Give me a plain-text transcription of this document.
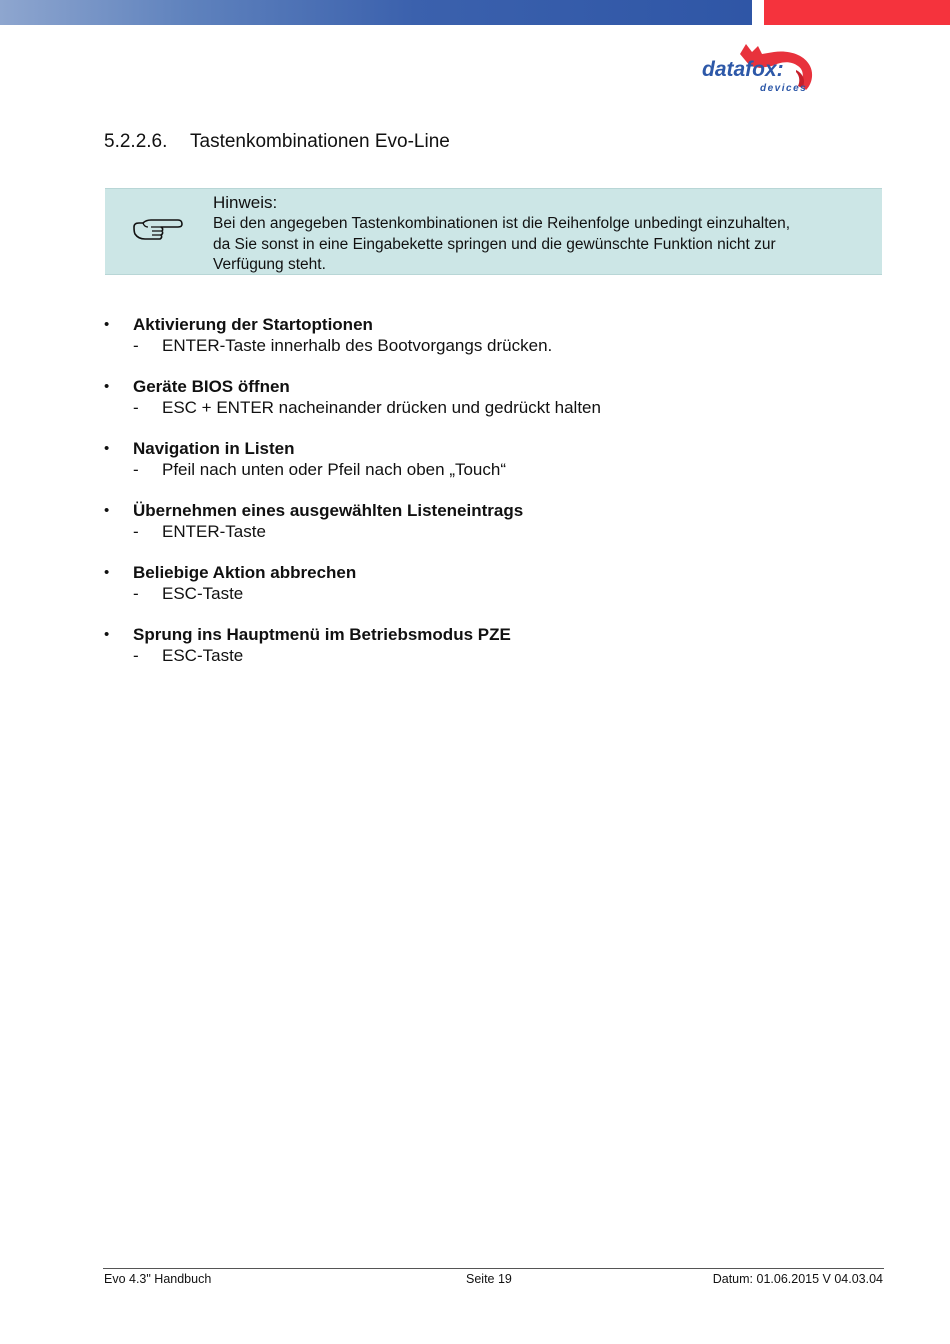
datafox:
devices
5.2.2.6. Tastenkombinationen Evo-Line
Hinweis:
Bei den angegeben Tastenkombinationen ist die Reihenfolge unbedingt einzuhalten,
da Sie sonst in eine Eingabekette springen und die gewünschte Funktion nicht zur
Verfügung steht.
• Aktivierung der Startoptionen
- ENTER-Taste innerhalb des Bootvorgangs drücken.
• Geräte BIOS öffnen
- ESC + ENTER nacheinander drücken und gedrückt halten
• Navigation in Listen
- Pfeil nach unten oder Pfeil nach oben „Touch“
• Übernehmen eines ausgewählten Listeneintrags
- ENTER-Taste
• Beliebige Aktion abbrechen
- ESC-Taste
• Sprung ins Hauptmenü im Betriebsmodus PZE
- ESC-Taste
Evo 4.3" Handbuch	Seite 19	Datum: 01.06.2015 V 04.03.04
